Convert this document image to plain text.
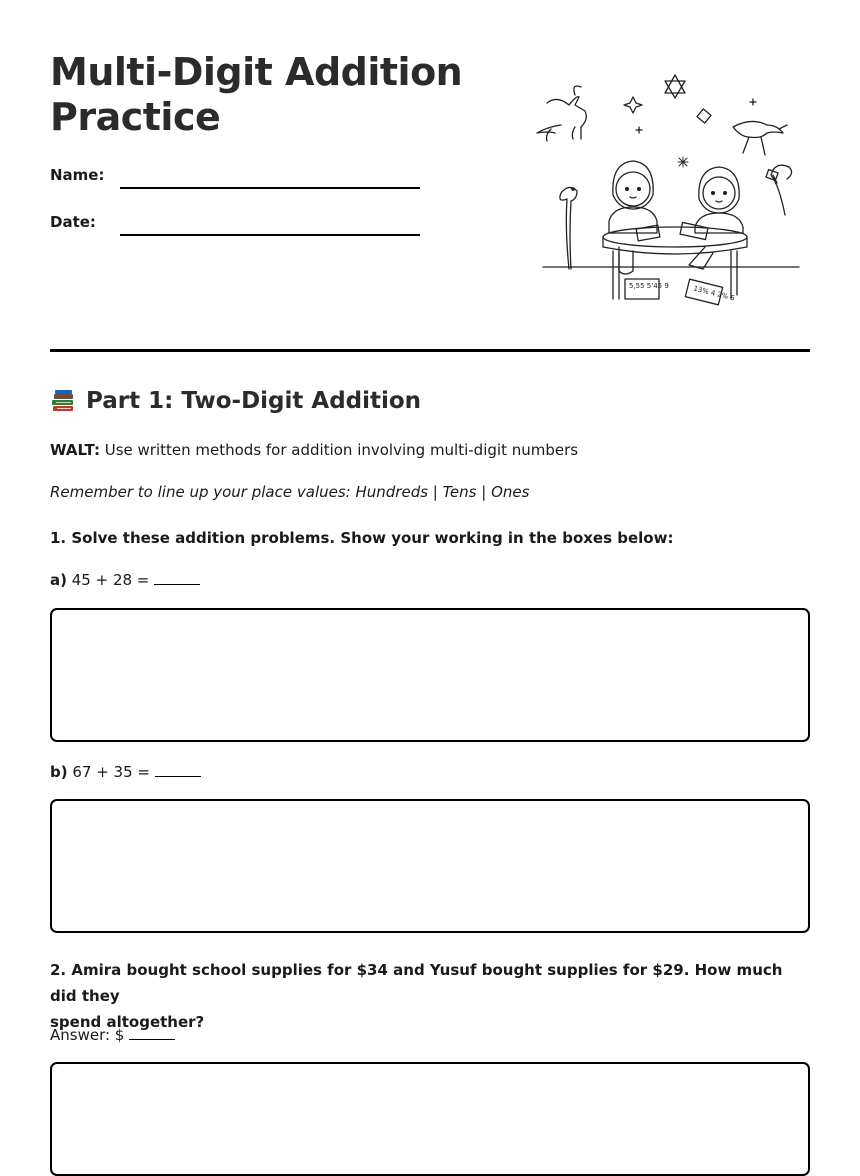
Multi-Digit Addition
Practice
Name:
Date:
5,55 5'45 9	13% 4 2% 6
Part 1: Two-Digit Addition
WALT: Use written methods for addition involving multi-digit numbers
Remember to line up your place values: Hundreds | Tens | Ones
1. Solve these addition problems. Show your working in the boxes below:
a) 45 + 28 =
b) 67 + 35 =
2. Amira bought school supplies for $34 and Yusuf bought supplies for $29. How much did they
spend altogether?
Answer: $
